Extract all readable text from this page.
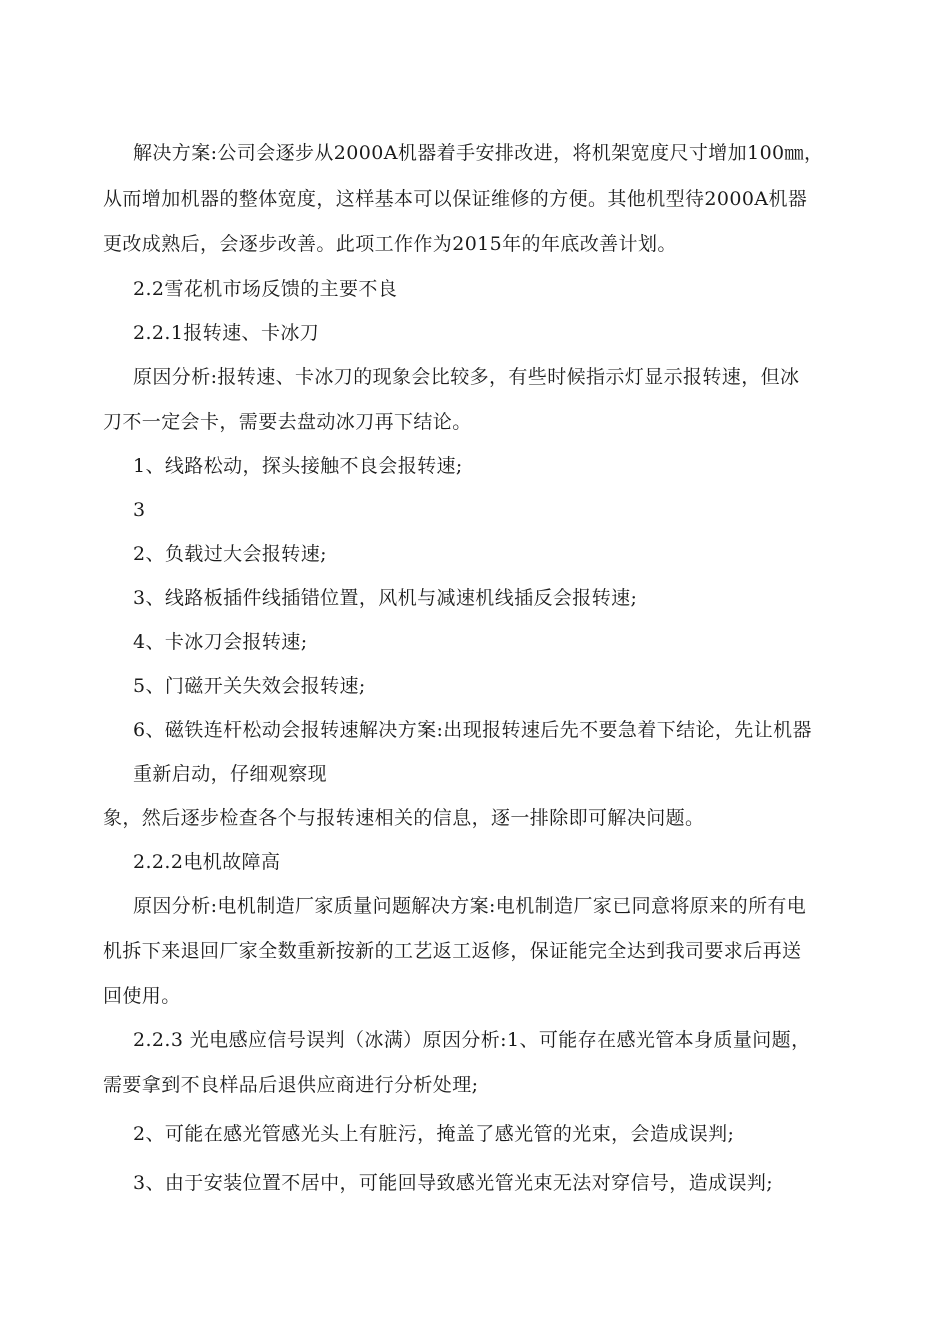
解决方案:公司会逐步从2000A机器着手安排改进，将机架宽度尺寸增加100㎜，
从而增加机器的整体宽度，这样基本可以保证维修的方便。其他机型待2000A机器
更改成熟后，会逐步改善。此项工作作为2015年的年底改善计划。
2.2雪花机市场反馈的主要不良
2.2.1报转速、卡冰刀
原因分析:报转速、卡冰刀的现象会比较多，有些时候指示灯显示报转速，但冰
刀不一定会卡，需要去盘动冰刀再下结论。
1、线路松动，探头接触不良会报转速;
3
2、负载过大会报转速;
3、线路板插件线插错位置，风机与减速机线插反会报转速;
4、卡冰刀会报转速;
5、门磁开关失效会报转速;
6、磁铁连杆松动会报转速解决方案:出现报转速后先不要急着下结论，先让机器
重新启动，仔细观察现
象，然后逐步检查各个与报转速相关的信息，逐一排除即可解决问题。
2.2.2电机故障高
原因分析:电机制造厂家质量问题解决方案:电机制造厂家已同意将原来的所有电
机拆下来退回厂家全数重新按新的工艺返工返修，保证能完全达到我司要求后再送
回使用。
2.2.3 光电感应信号误判（冰满）原因分析:1、可能存在感光管本身质量问题，
需要拿到不良样品后退供应商进行分析处理;
2、可能在感光管感光头上有脏污，掩盖了感光管的光束，会造成误判;
3、由于安装位置不居中，可能回导致感光管光束无法对穿信号，造成误判;
